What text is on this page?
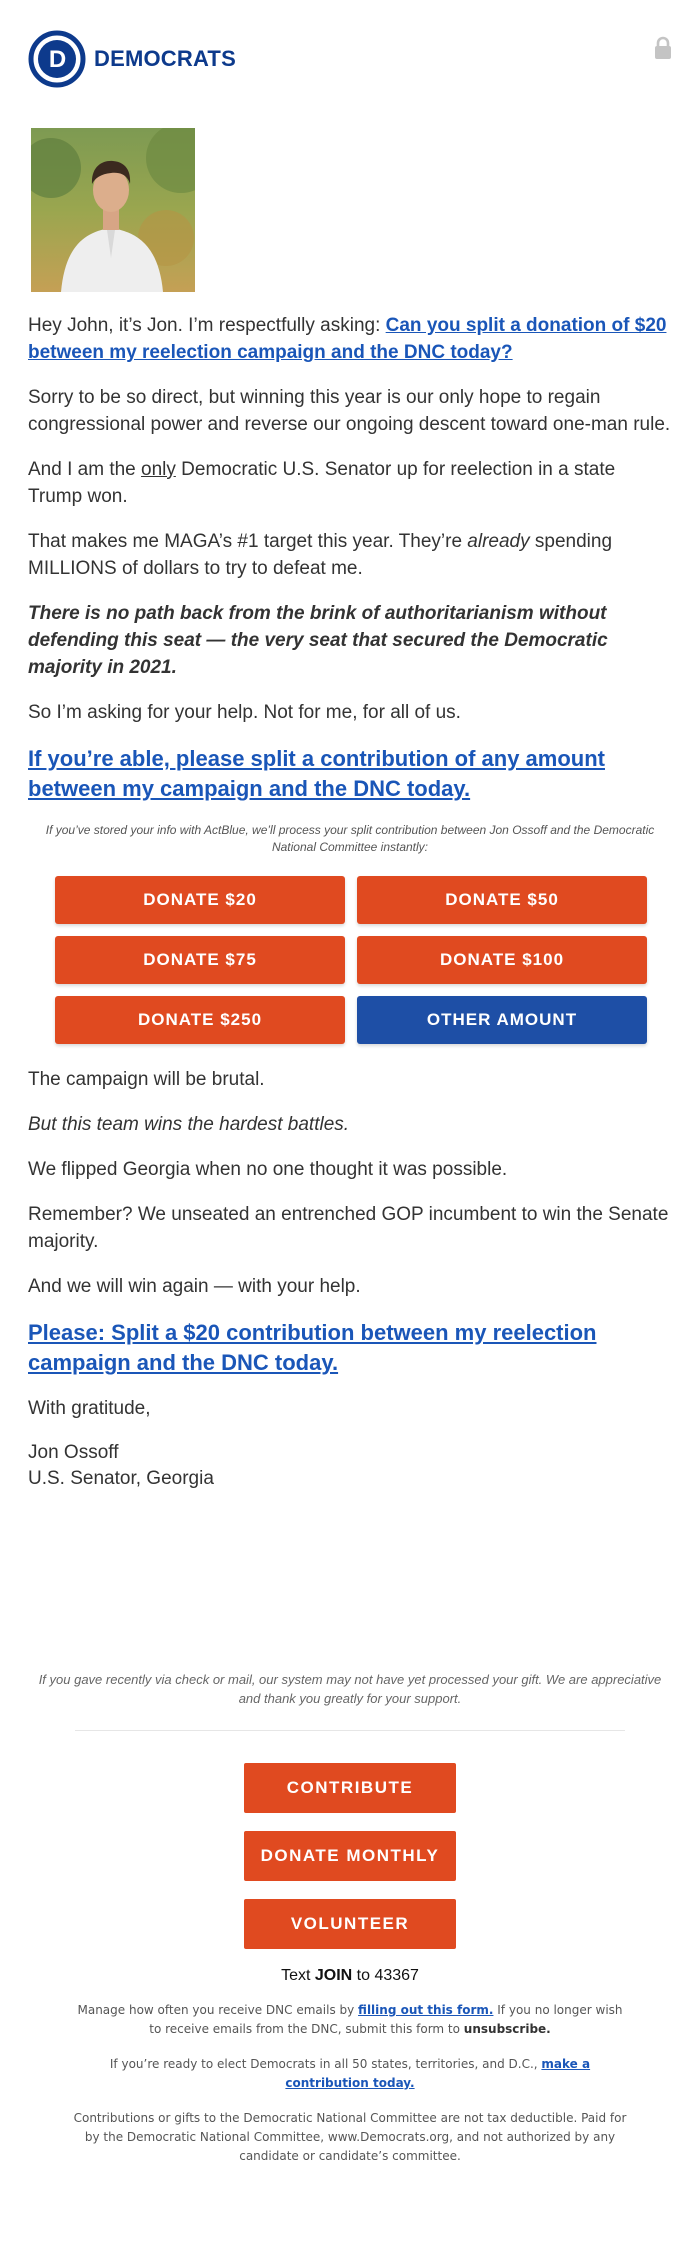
D DEMOCRATS

Hey John, it’s Jon. I’m respectfully asking: Can you split a donation of $20 between my reelection campaign and the DNC today?

Sorry to be so direct, but winning this year is our only hope to regain congressional power and reverse our ongoing descent toward one-man rule.

And I am the only Democratic U.S. Senator up for reelection in a state Trump won.

That makes me MAGA’s #1 target this year. They’re already spending MILLIONS of dollars to try to defeat me.

There is no path back from the brink of authoritarianism without defending this seat — the very seat that secured the Democratic majority in 2021.

So I’m asking for your help. Not for me, for all of us.

If you’re able, please split a contribution of any amount between my campaign and the DNC today.

If you’ve stored your info with ActBlue, we’ll process your split contribution between Jon Ossoff and the Democratic National Committee instantly:

DONATE $20	DONATE $50
DONATE $75	DONATE $100
DONATE $250	OTHER AMOUNT

The campaign will be brutal.

But this team wins the hardest battles.

We flipped Georgia when no one thought it was possible.

Remember? We unseated an entrenched GOP incumbent to win the Senate majority.

And we will win again — with your help.

Please: Split a $20 contribution between my reelection campaign and the DNC today.

With gratitude,

Jon Ossoff

U.S. Senator, Georgia

If you gave recently via check or mail, our system may not have yet processed your gift. We are appreciative and thank you greatly for your support.

CONTRIBUTE
DONATE MONTHLY
VOLUNTEER

Text JOIN to 43367

Manage how often you receive DNC emails by filling out this form. If you no longer wish to receive emails from the DNC, submit this form to unsubscribe.

If you’re ready to elect Democrats in all 50 states, territories, and D.C., make a contribution today.

Contributions or gifts to the Democratic National Committee are not tax deductible. Paid for by the Democratic National Committee, www.Democrats.org, and not authorized by any candidate or candidate’s committee.
